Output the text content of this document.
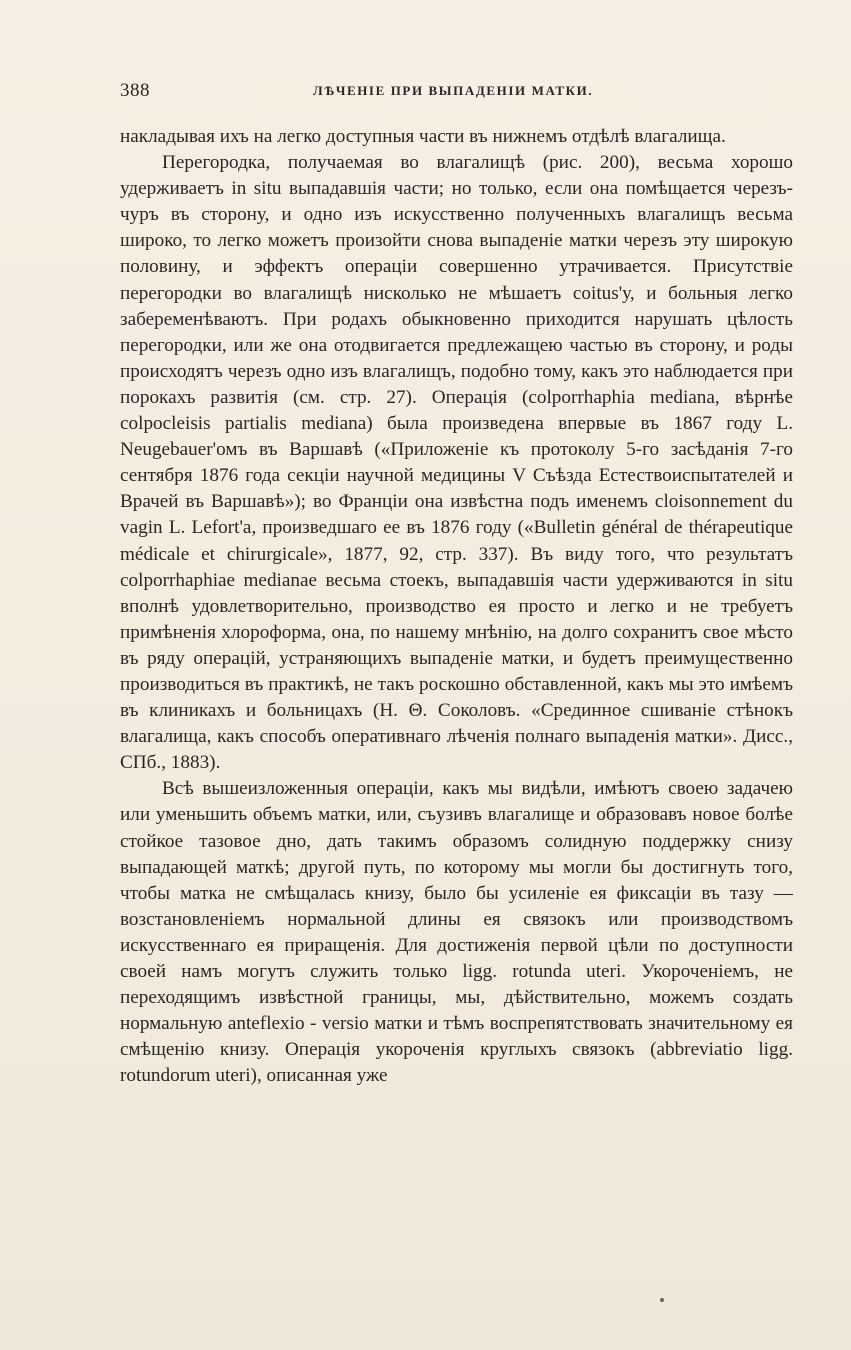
388	ЛѢЧЕНІЕ ПРИ ВЫПАДЕНІИ МАТКИ.

накладывая ихъ на легко доступныя части въ нижнемъ отдѣлѣ влагалища.

Перегородка, получаемая во влагалищѣ (рис. 200), весьма хорошо удерживаетъ in situ выпадавшія части; но только, если она помѣщается черезъ-чуръ въ сторону, и одно изъ искусственно полученныхъ влагалищъ весьма широко, то легко можетъ произойти снова выпаденіе матки черезъ эту широкую половину, и эффектъ операціи совершенно утрачивается. Присутствіе перегородки во влагалищѣ нисколько не мѣшаетъ coitus'у, и больныя легко забеременѣваютъ. При родахъ обыкновенно приходится нарушать цѣлость перегородки, или же она отодвигается предлежащею частью въ сторону, и роды происходятъ черезъ одно изъ влагалищъ, подобно тому, какъ это наблюдается при порокахъ развитія (см. стр. 27). Операція (colporrhaphia mediana, вѣрнѣе colpocleisis partialis mediana) была произведена впервые въ 1867 году L. Neugebauer'омъ въ Варшавѣ («Приложеніе къ протоколу 5-го засѣданія 7-го сентября 1876 года секціи научной медицины V Съѣзда Естествоиспытателей и Врачей въ Варшавѣ»); во Франціи она извѣстна подъ именемъ cloisonnement du vagin L. Lefort'а, произведшаго ее въ 1876 году («Bulletin général de thérapeutique médicale et chirurgicale», 1877, 92, стр. 337). Въ виду того, что результатъ colporrhaphiae medianae весьма стоекъ, выпадавшія части удерживаются in situ вполнѣ удовлетворительно, производство ея просто и легко и не требуетъ примѣненія хлороформа, она, по нашему мнѣнію, на долго сохранитъ свое мѣсто въ ряду операцій, устраняющихъ выпаденіе матки, и будетъ преимущественно производиться въ практикѣ, не такъ роскошно обставленной, какъ мы это имѣемъ въ клиникахъ и больницахъ (Н. Θ. Соколовъ. «Срединное сшиваніе стѣнокъ влагалища, какъ способъ оперативнаго лѣченія полнаго выпаденія матки». Дисс., СПб., 1883).

Всѣ вышеизложенныя операціи, какъ мы видѣли, имѣютъ своею задачею или уменьшить объемъ матки, или, съузивъ влагалище и образовавъ новое болѣе стойкое тазовое дно, дать такимъ образомъ солидную поддержку снизу выпадающей маткѣ; другой путь, по которому мы могли бы достигнуть того, чтобы матка не смѣщалась книзу, было бы усиленіе ея фиксаціи въ тазу — возстановленіемъ нормальной длины ея связокъ или производствомъ искусственнаго ея приращенія. Для достиженія первой цѣли по доступности своей намъ могутъ служить только ligg. rotunda uteri. Укороченіемъ, не переходящимъ извѣстной границы, мы, дѣйствительно, можемъ создать нормальную anteflexio - versio матки и тѣмъ воспрепятствовать значительному ея смѣщенію книзу. Операція укороченія круглыхъ связокъ (abbreviatio ligg. rotundorum uteri), описанная уже
